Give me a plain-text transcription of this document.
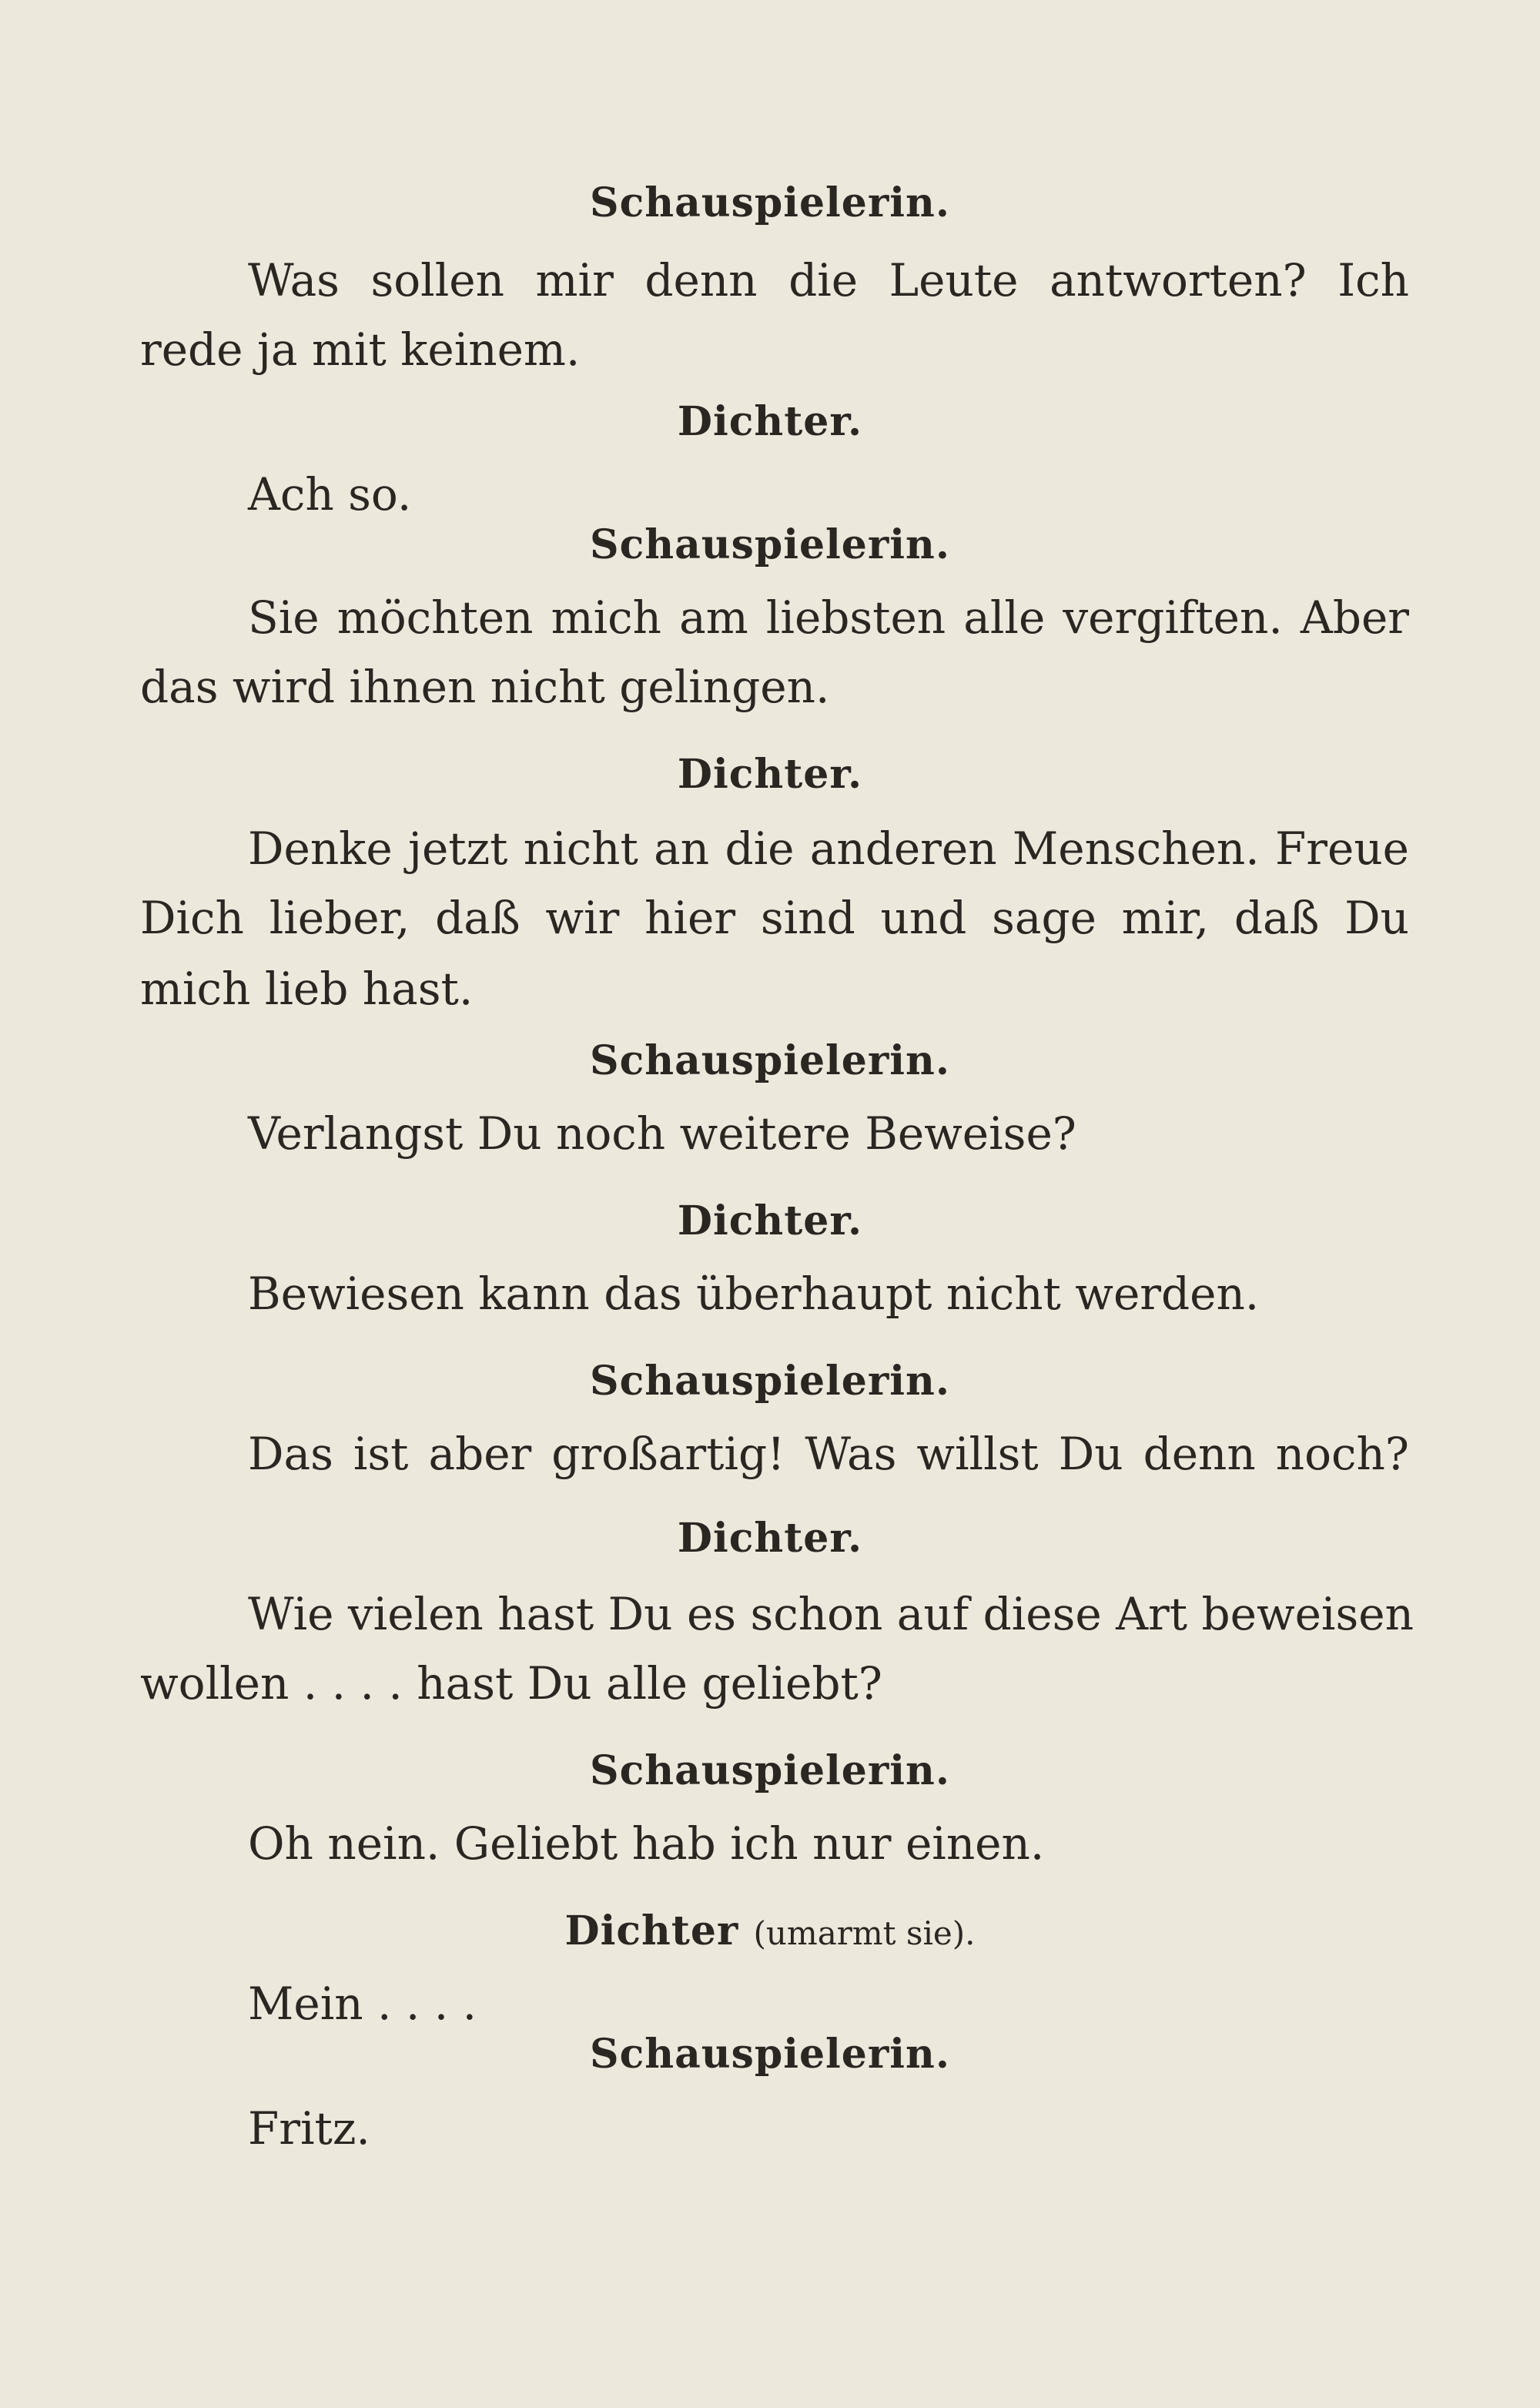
Schauspielerin.
Was sollen mir denn die Leute antworten? Ich
rede ja mit keinem.
Dichter.
Ach so.
Schauspielerin.
Sie möchten mich am liebsten alle vergiften. Aber
das wird ihnen nicht gelingen.
Dichter.
Denke jetzt nicht an die anderen Menschen. Freue
Dich lieber, daß wir hier sind und sage mir, daß Du
mich lieb hast.
Schauspielerin.
Verlangst Du noch weitere Beweise?
Dichter.
Bewiesen kann das überhaupt nicht werden.
Schauspielerin.
Das ist aber großartig! Was willst Du denn noch?
Dichter.
Wie vielen hast Du es schon auf diese Art beweisen
wollen . . . . hast Du alle geliebt?
Schauspielerin.
Oh nein. Geliebt hab ich nur einen.
Dichter (umarmt sie).
Mein . . . .
Schauspielerin.
Fritz.
